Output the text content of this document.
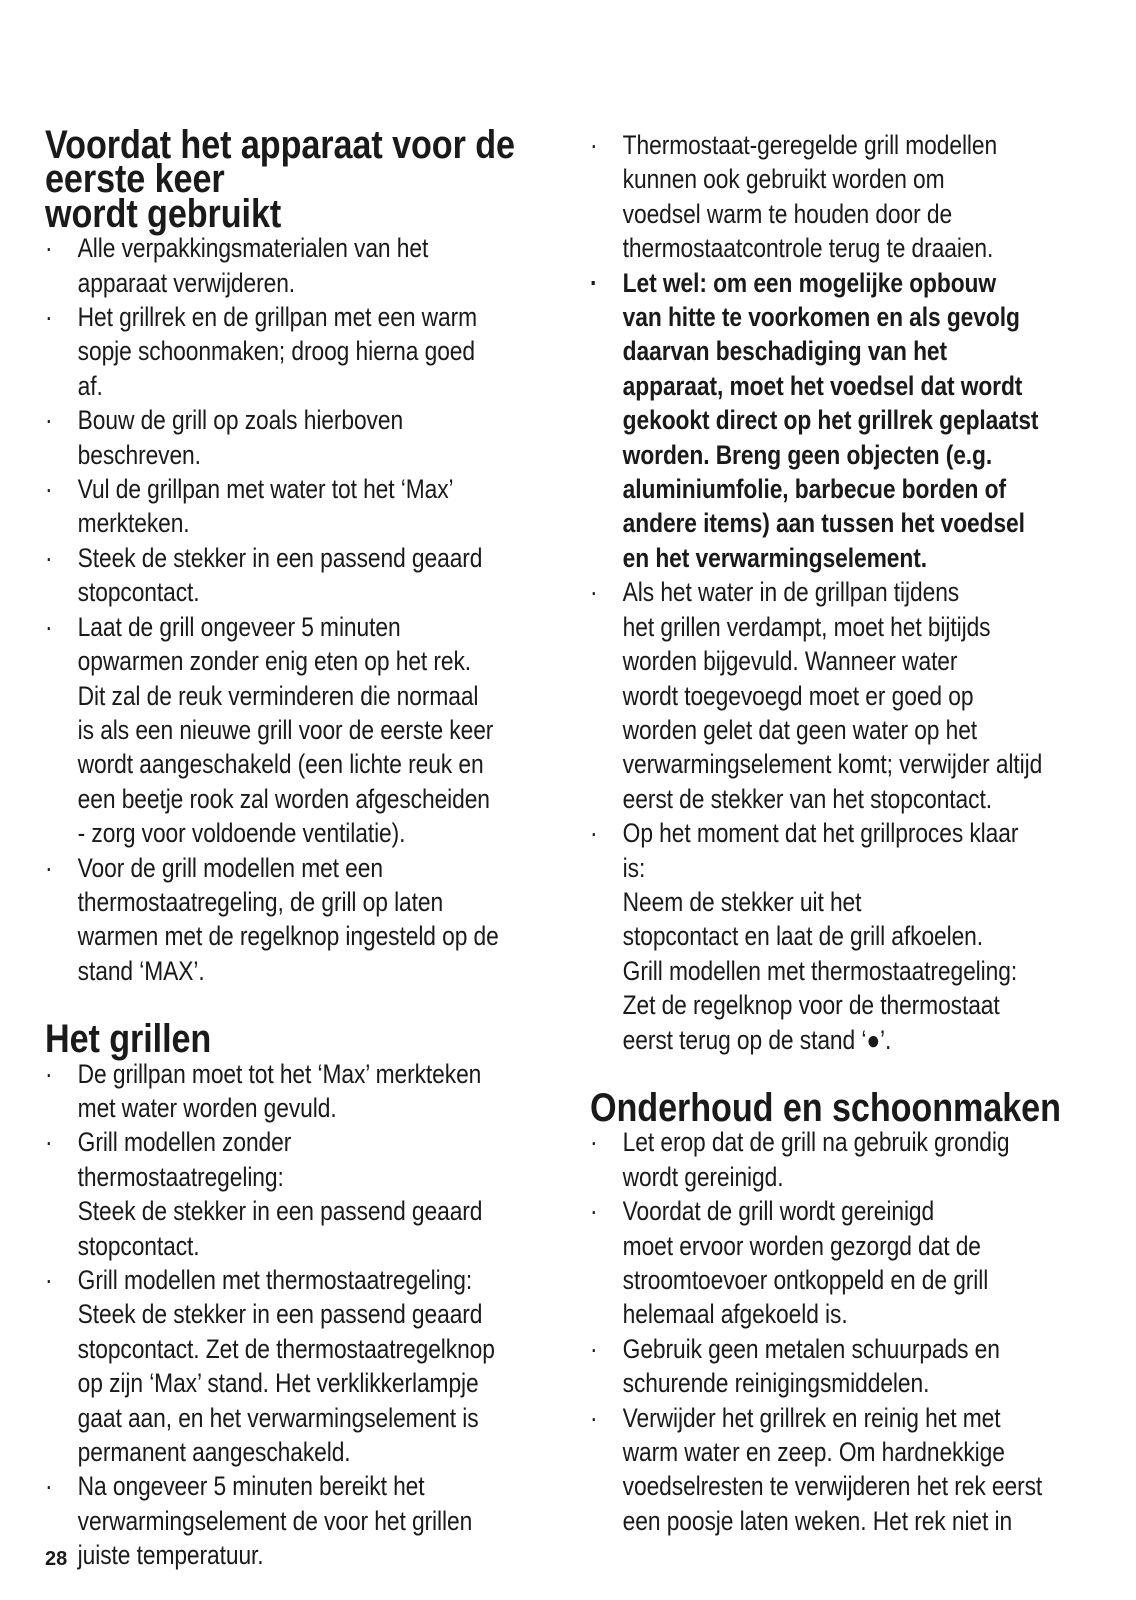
Voordat het apparaat voor de eerste keer
wordt gebruikt
· Alle verpakkingsmaterialen van het
apparaat verwijderen.
· Het grillrek en de grillpan met een warm
sopje schoonmaken; droog hierna goed
af.
· Bouw de grill op zoals hierboven
beschreven.
· Vul de grillpan met water tot het ‘Max’
merkteken.
· Steek de stekker in een passend geaard
stopcontact.
· Laat de grill ongeveer 5 minuten
opwarmen zonder enig eten op het rek.
Dit zal de reuk verminderen die normaal
is als een nieuwe grill voor de eerste keer
wordt aangeschakeld (een lichte reuk en
een beetje rook zal worden afgescheiden
- zorg voor voldoende ventilatie).
· Voor de grill modellen met een
thermostaatregeling, de grill op laten
warmen met de regelknop ingesteld op de
stand ‘MAX’.
Het grillen
· De grillpan moet tot het ‘Max’ merkteken
met water worden gevuld.
· Grill modellen zonder
thermostaatregeling:
Steek de stekker in een passend geaard
stopcontact.
· Grill modellen met thermostaatregeling:
Steek de stekker in een passend geaard
stopcontact. Zet de thermostaatregelknop
op zijn ‘Max’ stand. Het verklikkerlampje
gaat aan, en het verwarmingselement is
permanent aangeschakeld.
· Na ongeveer 5 minuten bereikt het
verwarmingselement de voor het grillen
juiste temperatuur.
· Thermostaat-geregelde grill modellen
kunnen ook gebruikt worden om
voedsel warm te houden door de
thermostaatcontrole terug te draaien.
· Let wel: om een mogelijke opbouw
van hitte te voorkomen en als gevolg
daarvan beschadiging van het
apparaat, moet het voedsel dat wordt
gekookt direct op het grillrek geplaatst
worden. Breng geen objecten (e.g.
aluminiumfolie, barbecue borden of
andere items) aan tussen het voedsel
en het verwarmingselement.
· Als het water in de grillpan tijdens
het grillen verdampt, moet het bijtijds
worden bijgevuld. Wanneer water
wordt toegevoegd moet er goed op
worden gelet dat geen water op het
verwarmingselement komt; verwijder altijd
eerst de stekker van het stopcontact.
· Op het moment dat het grillproces klaar
is:
Neem de stekker uit het
stopcontact en laat de grill afkoelen.
Grill modellen met thermostaatregeling:
Zet de regelknop voor de thermostaat
eerst terug op de stand ‘●’.
Onderhoud en schoonmaken
· Let erop dat de grill na gebruik grondig
wordt gereinigd.
· Voordat de grill wordt gereinigd
moet ervoor worden gezorgd dat de
stroomtoevoer ontkoppeld en de grill
helemaal afgekoeld is.
· Gebruik geen metalen schuurpads en
schurende reinigingsmiddelen.
· Verwijder het grillrek en reinig het met
warm water en zeep. Om hardnekkige
voedselresten te verwijderen het rek eerst
een poosje laten weken. Het rek niet in
28
